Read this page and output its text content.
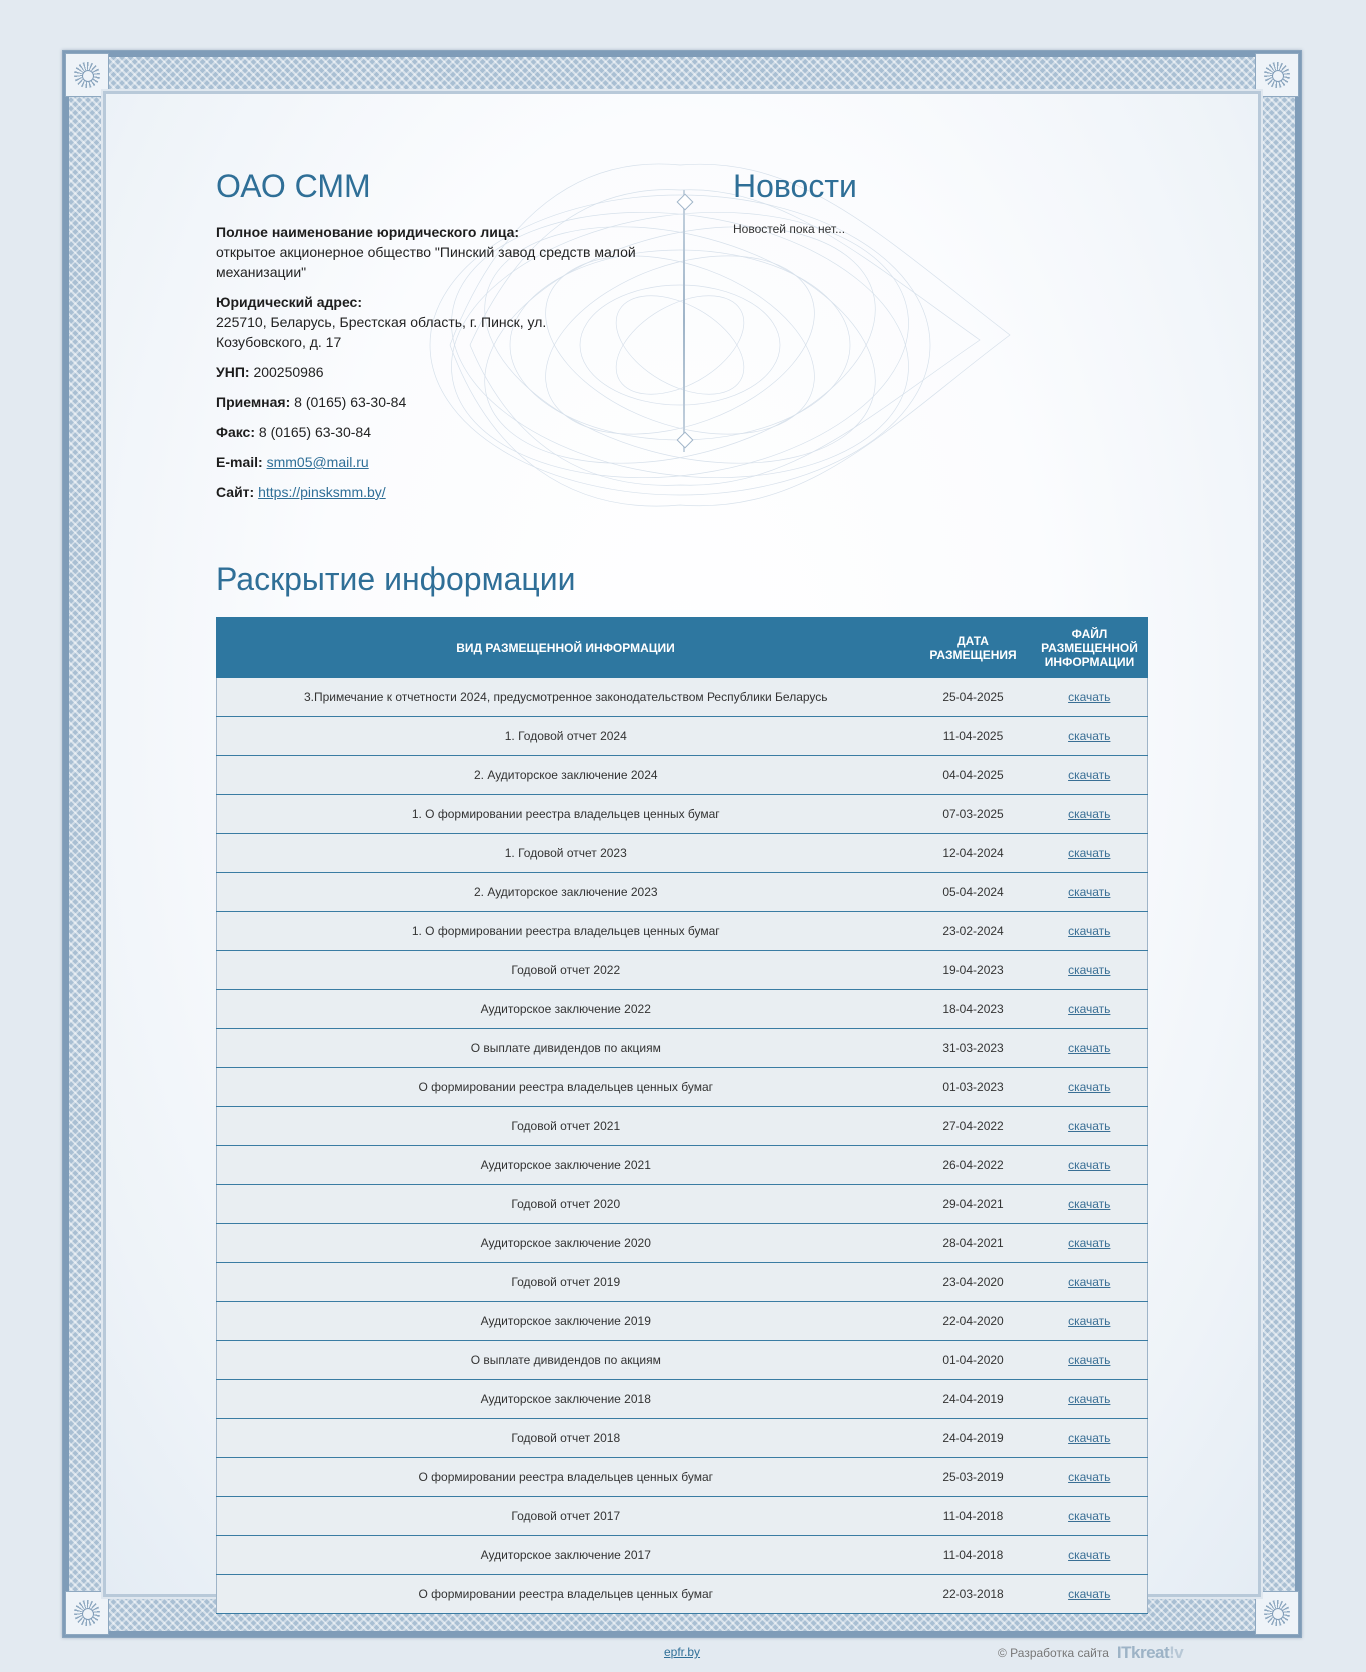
ОАО СММ
Полное наименование юридического лица:
открытое акционерное общество "Пинский завод средств малой механизации"
Юридический адрес:
225710, Беларусь, Брестская область, г. Пинск, ул. Козубовского, д. 17
УНП: 200250986
Приемная: 8 (0165) 63-30-84
Факс: 8 (0165) 63-30-84
E-mail: smm05@mail.ru
Сайт: https://pinsksmm.by/
Новости
Новостей пока нет...
Раскрытие информации
ВИД РАЗМЕЩЕННОЙ ИНФОРМАЦИИ	ДАТА РАЗМЕЩЕНИЯ	ФАЙЛ РАЗМЕЩЕННОЙ ИНФОРМАЦИИ
3.Примечание к отчетности 2024, предусмотренное законодательством Республики Беларусь	25-04-2025	скачать
1. Годовой отчет 2024	11-04-2025	скачать
2. Аудиторское заключение 2024	04-04-2025	скачать
1. О формировании реестра владельцев ценных бумаг	07-03-2025	скачать
1. Годовой отчет 2023	12-04-2024	скачать
2. Аудиторское заключение 2023	05-04-2024	скачать
1. О формировании реестра владельцев ценных бумаг	23-02-2024	скачать
Годовой отчет 2022	19-04-2023	скачать
Аудиторское заключение 2022	18-04-2023	скачать
О выплате дивидендов по акциям	31-03-2023	скачать
О формировании реестра владельцев ценных бумаг	01-03-2023	скачать
Годовой отчет 2021	27-04-2022	скачать
Аудиторское заключение 2021	26-04-2022	скачать
Годовой отчет 2020	29-04-2021	скачать
Аудиторское заключение 2020	28-04-2021	скачать
Годовой отчет 2019	23-04-2020	скачать
Аудиторское заключение 2019	22-04-2020	скачать
О выплате дивидендов по акциям	01-04-2020	скачать
Аудиторское заключение 2018	24-04-2019	скачать
Годовой отчет 2018	24-04-2019	скачать
О формировании реестра владельцев ценных бумаг	25-03-2019	скачать
Годовой отчет 2017	11-04-2018	скачать
Аудиторское заключение 2017	11-04-2018	скачать
О формировании реестра владельцев ценных бумаг	22-03-2018	скачать
epfr.by	© Разработка сайта ITkreat!v
